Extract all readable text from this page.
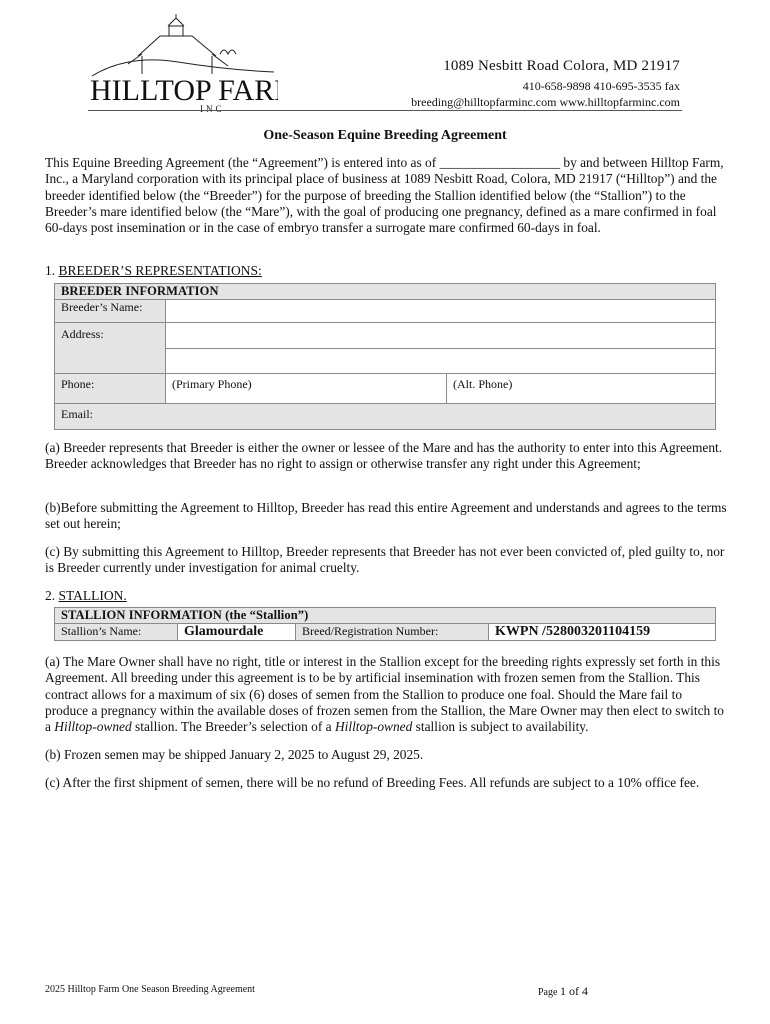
HILLTOP FAR
INC
1089 Nesbitt Road Colora, MD 21917
410-658-9898 410-695-3535 fax
breeding@hilltopfarminc.com www.hilltopfarminc.com
One-Season Equine Breeding Agreement
This Equine Breeding Agreement (the “Agreement”) is entered into as of __________________ by and between Hilltop Farm, Inc., a Maryland corporation with its principal place of business at 1089 Nesbitt Road, Colora, MD 21917 (“Hilltop”) and the breeder identified below (the “Breeder”) for the purpose of breeding the Stallion identified below (the “Stallion”) to the Breeder’s mare identified below (the “Mare”), with the goal of producing one pregnancy, defined as a mare confirmed in foal 60-days post insemination or in the case of embryo transfer a surrogate mare confirmed 60-days in foal.
1. BREEDER’S REPRESENTATIONS:
BREEDER INFORMATION		
Breeder’s Name:		
Address:		

Phone:	(Primary Phone)	(Alt. Phone)
Email:		
(a) Breeder represents that Breeder is either the owner or lessee of the Mare and has the authority to enter into this Agreement. Breeder acknowledges that Breeder has no right to assign or otherwise transfer any right under this Agreement;
(b)Before submitting the Agreement to Hilltop, Breeder has read this entire Agreement and understands and agrees to the terms set out herein;
(c) By submitting this Agreement to Hilltop, Breeder represents that Breeder has not ever been convicted of, pled guilty to, nor is Breeder currently under investigation for animal cruelty.
2. STALLION.
STALLION INFORMATION (the “Stallion”)
Stallion’s Name:	Glamourdale	Breed/Registration Number:	KWPN /528003201104159
(a) The Mare Owner shall have no right, title or interest in the Stallion except for the breeding rights expressly set forth in this Agreement. All breeding under this agreement is to be by artificial insemination with frozen semen from the Stallion. This contract allows for a maximum of six (6) doses of semen from the Stallion to produce one foal. Should the Mare fail to produce a pregnancy within the available doses of frozen semen from the Stallion, the Mare Owner may then elect to switch to a Hilltop-owned stallion. The Breeder’s selection of a Hilltop-owned stallion is subject to availability.
(b) Frozen semen may be shipped January 2, 2025 to August 29, 2025.
(c) After the first shipment of semen, there will be no refund of Breeding Fees. All refunds are subject to a 10% office fee.
2025 Hilltop Farm One Season Breeding Agreement	Page 1 of 4
